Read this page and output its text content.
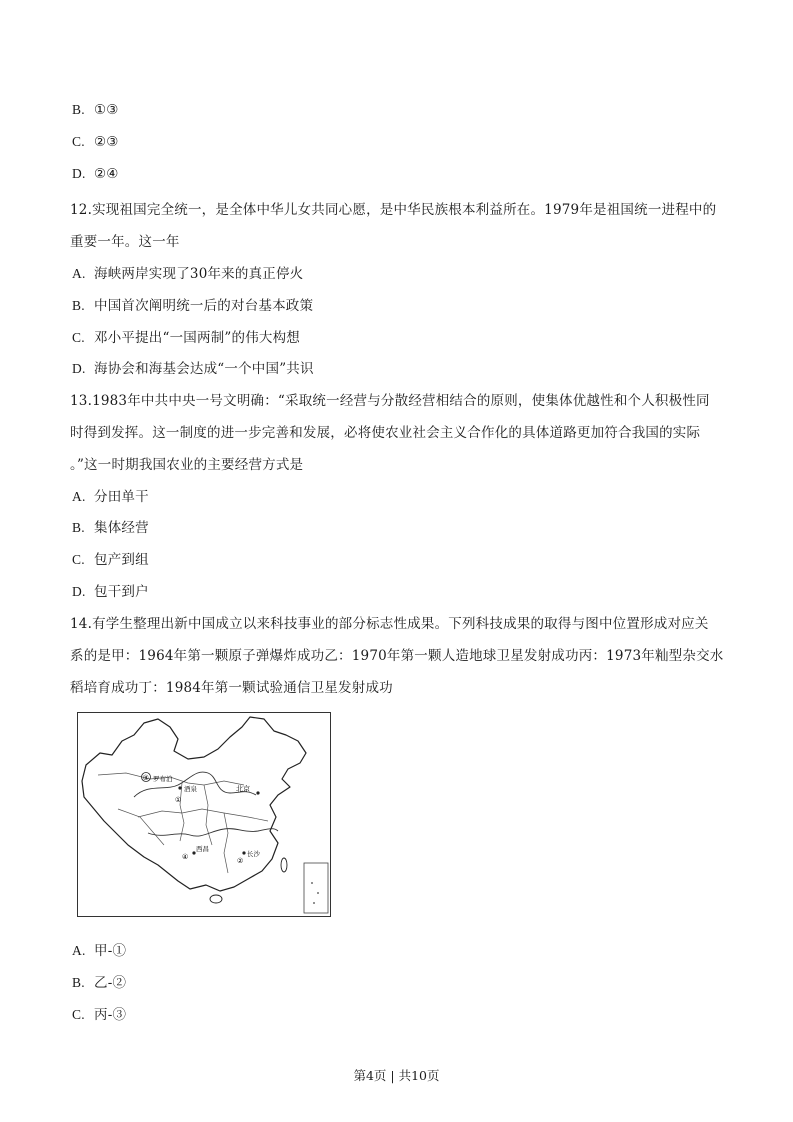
B. ①③
C. ②③
D. ②④
12.实现祖国完全统一，是全体中华儿女共同心愿，是中华民族根本利益所在。1979年是祖国统一进程中的
重要一年。这一年
A. 海峡两岸实现了30年来的真正停火
B. 中国首次阐明统一后的对台基本政策
C. 邓小平提出“一国两制”的伟大构想
D. 海协会和海基会达成“一个中国”共识
13.1983年中共中央一号文明确：“采取统一经营与分散经营相结合的原则，使集体优越性和个人积极性同
时得到发挥。这一制度的进一步完善和发展，必将使农业社会主义合作化的具体道路更加符合我国的实际
。”这一时期我国农业的主要经营方式是
A. 分田单干
B. 集体经营
C. 包产到组
D. 包干到户
14.有学生整理出新中国成立以来科技事业的部分标志性成果。下列科技成果的取得与图中位置形成对应关
系的是甲：1964年第一颗原子弹爆炸成功乙：1970年第一颗人造地球卫星发射成功丙：1973年籼型杂交水
稻培育成功丁：1984年第一颗试验通信卫星发射成功
③ 罗布泊
酒泉
①
北京
西昌
④	长沙
②
A. 甲-①
B. 乙-②
C. 丙-③
第4页 | 共10页
